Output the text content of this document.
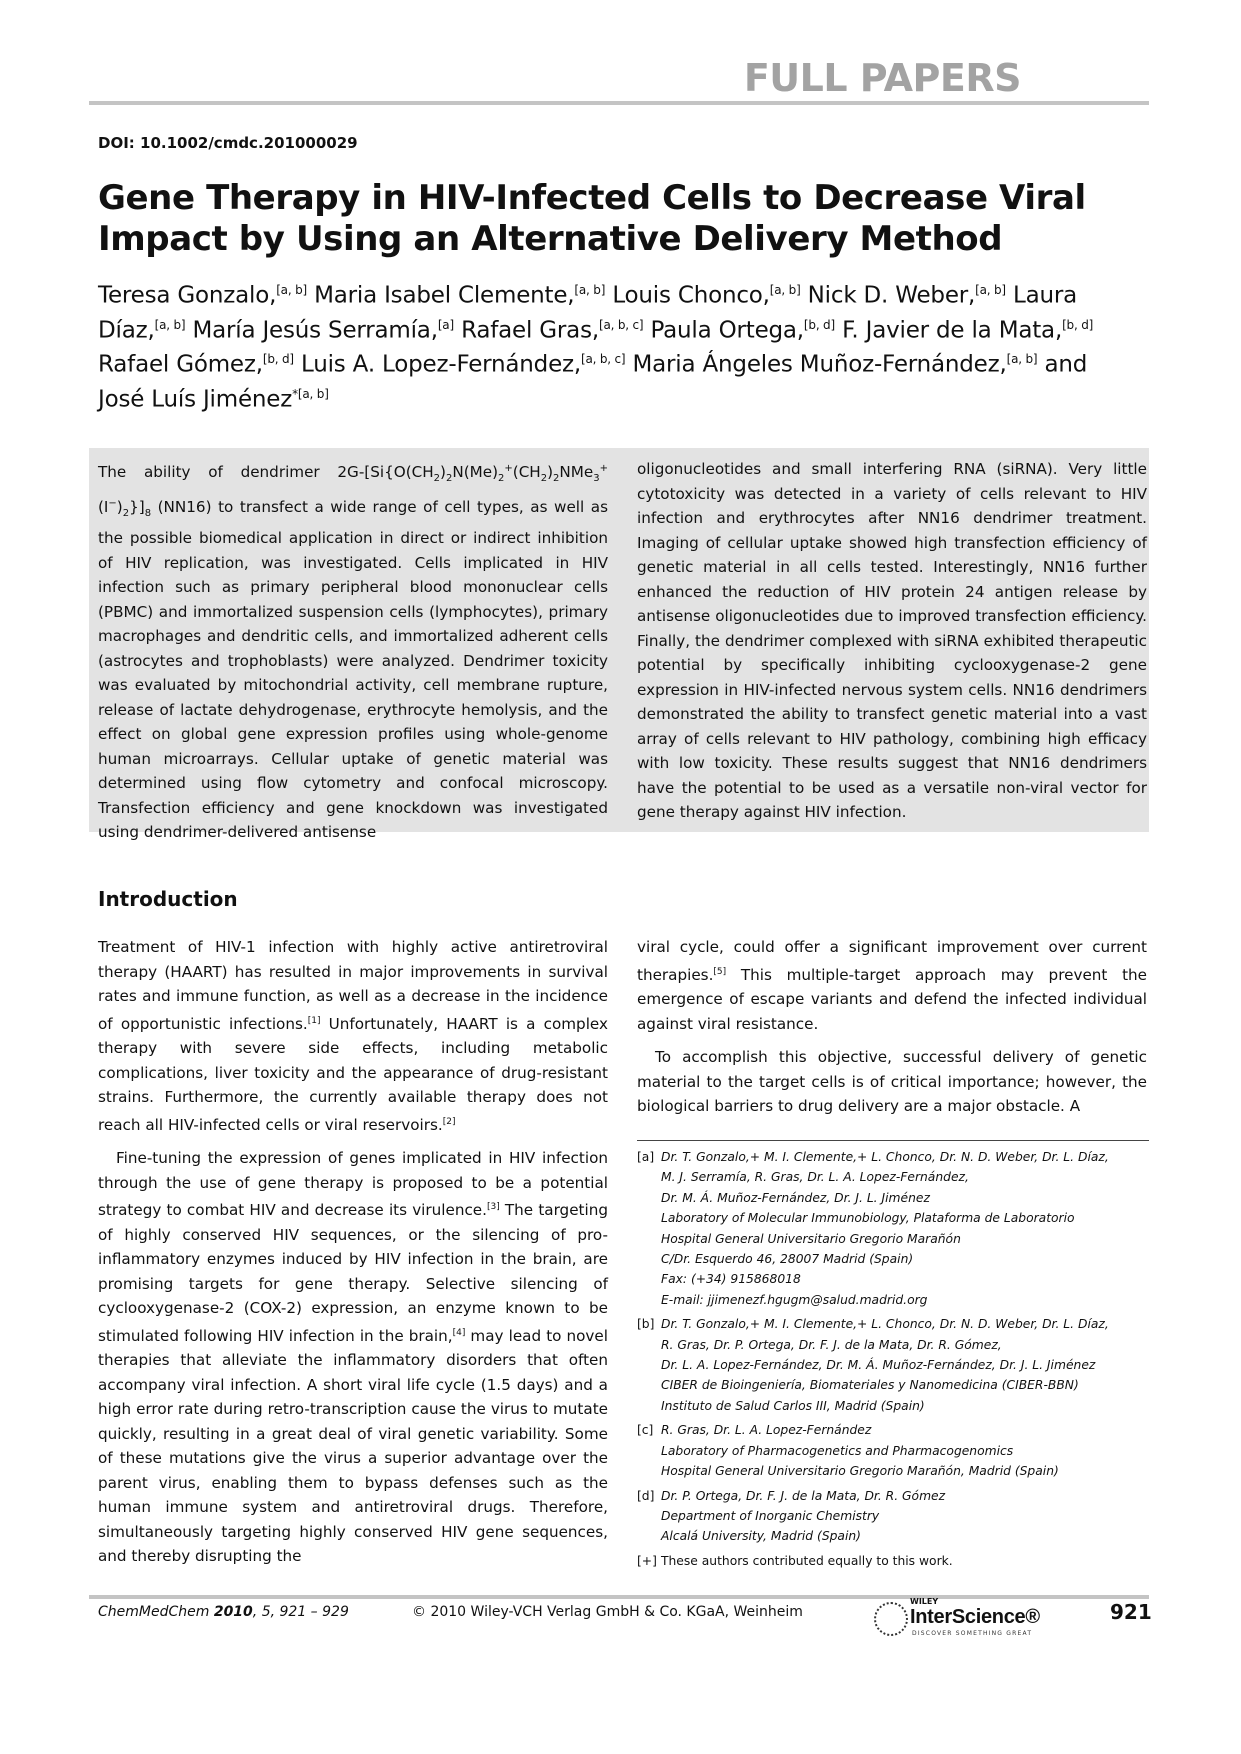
FULL PAPERS
DOI: 10.1002/cmdc.201000029
Gene Therapy in HIV-Infected Cells to Decrease Viral Impact by Using an Alternative Delivery Method
Teresa Gonzalo,[a, b] Maria Isabel Clemente,[a, b] Louis Chonco,[a, b] Nick D. Weber,[a, b] Laura Díaz,[a, b] María Jesús Serramía,[a] Rafael Gras,[a, b, c] Paula Ortega,[b, d] F. Javier de la Mata,[b, d] Rafael Gómez,[b, d] Luis A. Lopez-Fernández,[a, b, c] Maria Ángeles Muñoz-Fernández,[a, b] and José Luís Jiménez$^{*[a, b]}$
The ability of dendrimer $2G-[Si\{O(CH_2)_2N(Me)_2^+(CH_2)_2NMe_3^+(I^-)_2\}]_8$ (NN16) to transfect a wide range of cell types, as well as the possible biomedical application in direct or indirect inhibition of HIV replication, was investigated. Cells implicated in HIV infection such as primary peripheral blood mononuclear cells (PBMC) and immortalized suspension cells (lymphocytes), primary macrophages and dendritic cells, and immortalized adherent cells (astrocytes and trophoblasts) were analyzed. Dendrimer toxicity was evaluated by mitochondrial activity, cell membrane rupture, release of lactate dehydrogenase, erythrocyte hemolysis, and the effect on global gene expression profiles using whole-genome human microarrays. Cellular uptake of genetic material was determined using flow cytometry and confocal microscopy. Transfection efficiency and gene knockdown was investigated using dendrimer-delivered antisense
oligonucleotides and small interfering RNA (siRNA). Very little cytotoxicity was detected in a variety of cells relevant to HIV infection and erythrocytes after NN16 dendrimer treatment. Imaging of cellular uptake showed high transfection efficiency of genetic material in all cells tested. Interestingly, NN16 further enhanced the reduction of HIV protein 24 antigen release by antisense oligonucleotides due to improved transfection efficiency. Finally, the dendrimer complexed with siRNA exhibited therapeutic potential by specifically inhibiting cyclooxygenase-2 gene expression in HIV-infected nervous system cells. NN16 dendrimers demonstrated the ability to transfect genetic material into a vast array of cells relevant to HIV pathology, combining high efficacy with low toxicity. These results suggest that NN16 dendrimers have the potential to be used as a versatile non-viral vector for gene therapy against HIV infection.
Introduction

Treatment of HIV-1 infection with highly active antiretroviral therapy (HAART) has resulted in major improvements in survival rates and immune function, as well as a decrease in the incidence of opportunistic infections.[1] Unfortunately, HAART is a complex therapy with severe side effects, including metabolic complications, liver toxicity and the appearance of drug-resistant strains. Furthermore, the currently available therapy does not reach all HIV-infected cells or viral reservoirs.[2]

Fine-tuning the expression of genes implicated in HIV infection through the use of gene therapy is proposed to be a potential strategy to combat HIV and decrease its virulence.[3] The targeting of highly conserved HIV sequences, or the silencing of pro-inflammatory enzymes induced by HIV infection in the brain, are promising targets for gene therapy. Selective silencing of cyclooxygenase-2 (COX-2) expression, an enzyme known to be stimulated following HIV infection in the brain,[4] may lead to novel therapies that alleviate the inflammatory disorders that often accompany viral infection. A short viral life cycle (1.5 days) and a high error rate during retro-transcription cause the virus to mutate quickly, resulting in a great deal of viral genetic variability. Some of these mutations give the virus a superior advantage over the parent virus, enabling them to bypass defenses such as the human immune system and antiretroviral drugs. Therefore, simultaneously targeting highly conserved HIV gene sequences, and thereby disrupting the

viral cycle, could offer a significant improvement over current therapies.[5] This multiple-target approach may prevent the emergence of escape variants and defend the infected individual against viral resistance.

To accomplish this objective, successful delivery of genetic material to the target cells is of critical importance; however, the biological barriers to drug delivery are a major obstacle. A

[a] Dr. T. Gonzalo,+ M. I. Clemente,+ L. Chonco, Dr. N. D. Weber, Dr. L. Díaz,
M. J. Serramía, R. Gras, Dr. L. A. Lopez-Fernández,
Dr. M. Á. Muñoz-Fernández, Dr. J. L. Jiménez
Laboratory of Molecular Immunobiology, Plataforma de Laboratorio
Hospital General Universitario Gregorio Marañón
C/Dr. Esquerdo 46, 28007 Madrid (Spain)
Fax: (+34) 915868018
E-mail: jjimenezf.hgugm@salud.madrid.org
[b] Dr. T. Gonzalo,+ M. I. Clemente,+ L. Chonco, Dr. N. D. Weber, Dr. L. Díaz,
R. Gras, Dr. P. Ortega, Dr. F. J. de la Mata, Dr. R. Gómez,
Dr. L. A. Lopez-Fernández, Dr. M. Á. Muñoz-Fernández, Dr. J. L. Jiménez
CIBER de Bioingeniería, Biomateriales y Nanomedicina (CIBER-BBN)
Instituto de Salud Carlos III, Madrid (Spain)
[c] R. Gras, Dr. L. A. Lopez-Fernández
Laboratory of Pharmacogenetics and Pharmacogenomics
Hospital General Universitario Gregorio Marañón, Madrid (Spain)
[d] Dr. P. Ortega, Dr. F. J. de la Mata, Dr. R. Gómez
Department of Inorganic Chemistry
Alcalá University, Madrid (Spain)
[+] These authors contributed equally to this work.
ChemMedChem 2010, 5, 921 – 929	© 2010 Wiley-VCH Verlag GmbH & Co. KGaA, Weinheim
WILEY
InterScience®
DISCOVER SOMETHING GREAT
921
